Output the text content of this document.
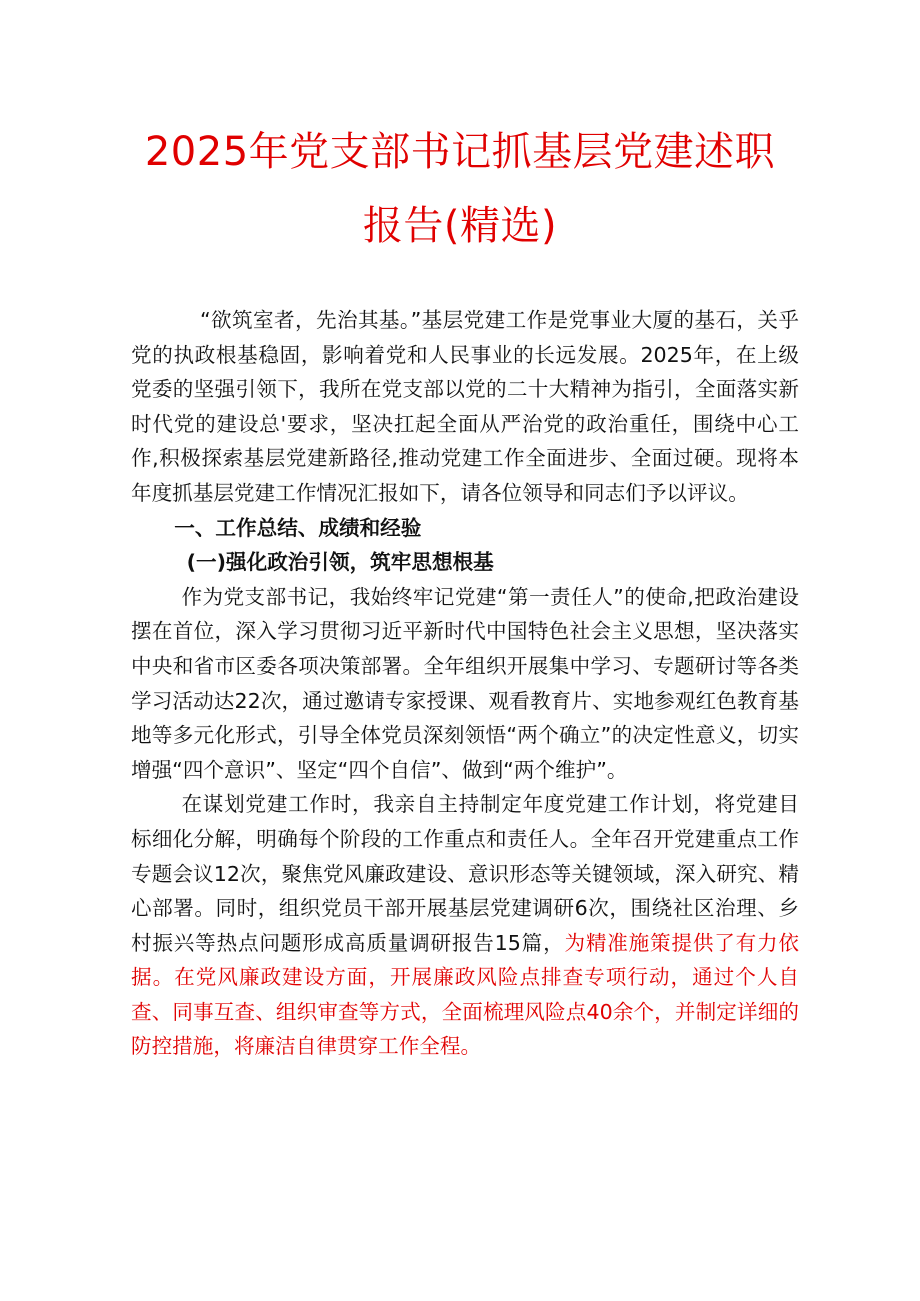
2025年党支部书记抓基层党建述职
报告(精选)

“欲筑室者，先治其基。”基层党建工作是党事业大厦的基石，关乎党的执政根基稳固，影响着党和人民事业的长远发展。2025年，在上级党委的坚强引领下，我所在党支部以党的二十大精神为指引，全面落实新时代党的建设总'要求，坚决扛起全面从严治党的政治重任，围绕中心工作,积极探索基层党建新路径,推动党建工作全面进步、全面过硬。现将本年度抓基层党建工作情况汇报如下，请各位领导和同志们予以评议。

一、工作总结、成绩和经验

(一)强化政治引领，筑牢思想根基

作为党支部书记，我始终牢记党建“第一责任人”的使命,把政治建设摆在首位，深入学习贯彻习近平新时代中国特色社会主义思想，坚决落实中央和省市区委各项决策部署。全年组织开展集中学习、专题研讨等各类学习活动达22次，通过邀请专家授课、观看教育片、实地参观红色教育基地等多元化形式，引导全体党员深刻领悟“两个确立”的决定性意义，切实增强“四个意识”、坚定“四个自信”、做到“两个维护”。

在谋划党建工作时，我亲自主持制定年度党建工作计划，将党建目标细化分解，明确每个阶段的工作重点和责任人。全年召开党建重点工作专题会议12次，聚焦党风廉政建设、意识形态等关键领域，深入研究、精心部署。同时，组织党员干部开展基层党建调研6次，围绕社区治理、乡村振兴等热点问题形成高质量调研报告15篇，为精准施策提供了有力依据。在党风廉政建设方面，开展廉政风险点排查专项行动，通过个人自查、同事互查、组织审查等方式，全面梳理风险点40余个，并制定详细的防控措施，将廉洁自律贯穿工作全程。
